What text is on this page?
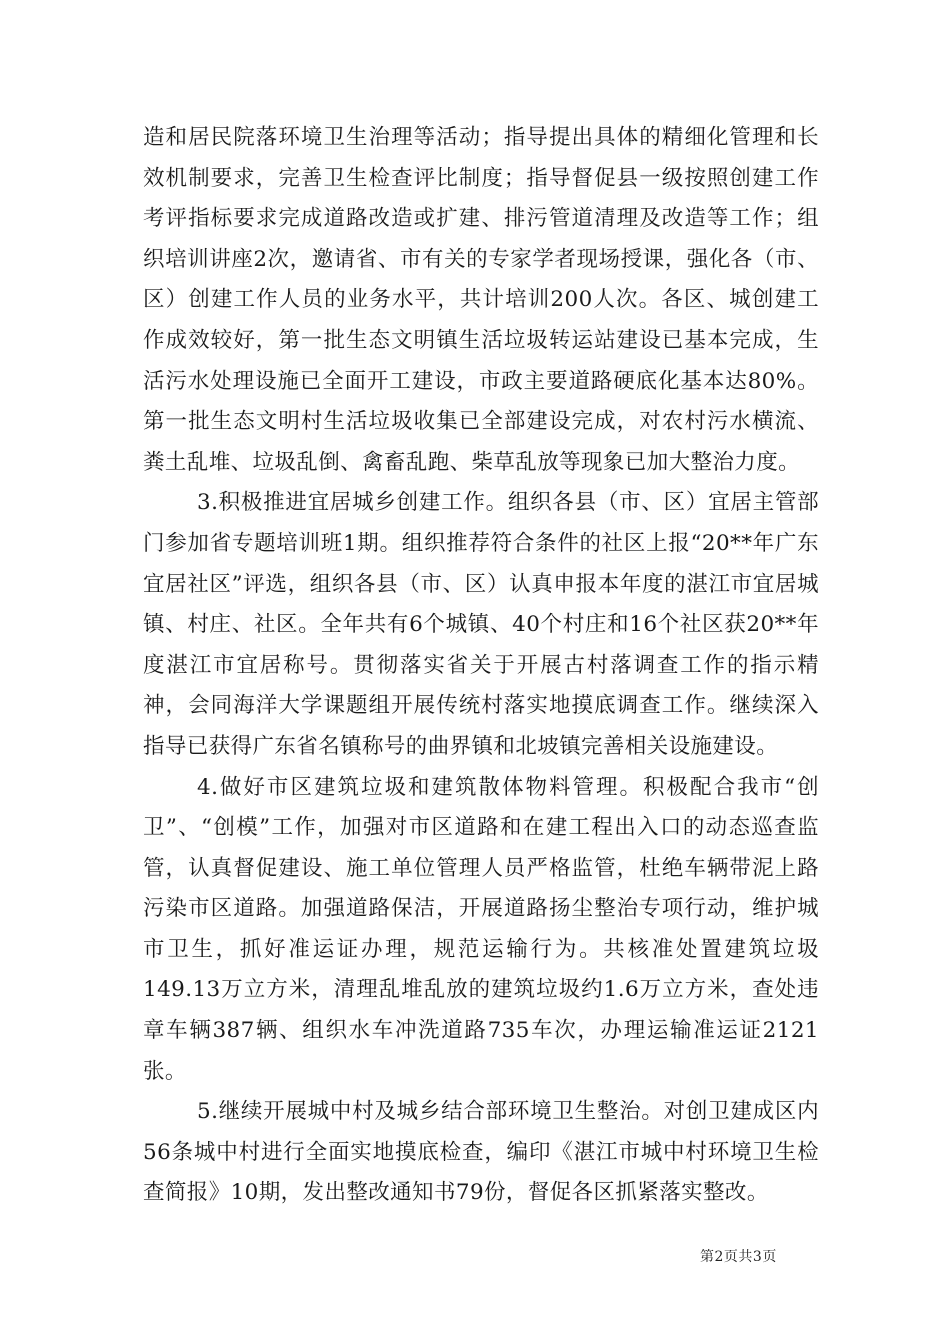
造和居民院落环境卫生治理等活动；指导提出具体的精细化管理和长效机制要求，完善卫生检查评比制度；指导督促县一级按照创建工作考评指标要求完成道路改造或扩建、排污管道清理及改造等工作；组织培训讲座2次，邀请省、市有关的专家学者现场授课，强化各（市、区）创建工作人员的业务水平，共计培训200人次。各区、城创建工作成效较好，第一批生态文明镇生活垃圾转运站建设已基本完成，生活污水处理设施已全面开工建设，市政主要道路硬底化基本达80%。第一批生态文明村生活垃圾收集已全部建设完成，对农村污水横流、粪土乱堆、垃圾乱倒、禽畜乱跑、柴草乱放等现象已加大整治力度。

3.积极推进宜居城乡创建工作。组织各县（市、区）宜居主管部门参加省专题培训班1期。组织推荐符合条件的社区上报“20**年广东宜居社区”评选，组织各县（市、区）认真申报本年度的湛江市宜居城镇、村庄、社区。全年共有6个城镇、40个村庄和16个社区获20**年度湛江市宜居称号。贯彻落实省关于开展古村落调查工作的指示精神，会同海洋大学课题组开展传统村落实地摸底调查工作。继续深入指导已获得广东省名镇称号的曲界镇和北坡镇完善相关设施建设。

4.做好市区建筑垃圾和建筑散体物料管理。积极配合我市“创卫”、“创模”工作，加强对市区道路和在建工程出入口的动态巡查监管，认真督促建设、施工单位管理人员严格监管，杜绝车辆带泥上路污染市区道路。加强道路保洁，开展道路扬尘整治专项行动，维护城市卫生，抓好准运证办理，规范运输行为。共核准处置建筑垃圾149.13万立方米，清理乱堆乱放的建筑垃圾约1.6万立方米，查处违章车辆387辆、组织水车冲洗道路735车次，办理运输准运证2121张。

5.继续开展城中村及城乡结合部环境卫生整治。对创卫建成区内56条城中村进行全面实地摸底检查，编印《湛江市城中村环境卫生检查简报》10期，发出整改通知书79份，督促各区抓紧落实整改。

第2页共3页
